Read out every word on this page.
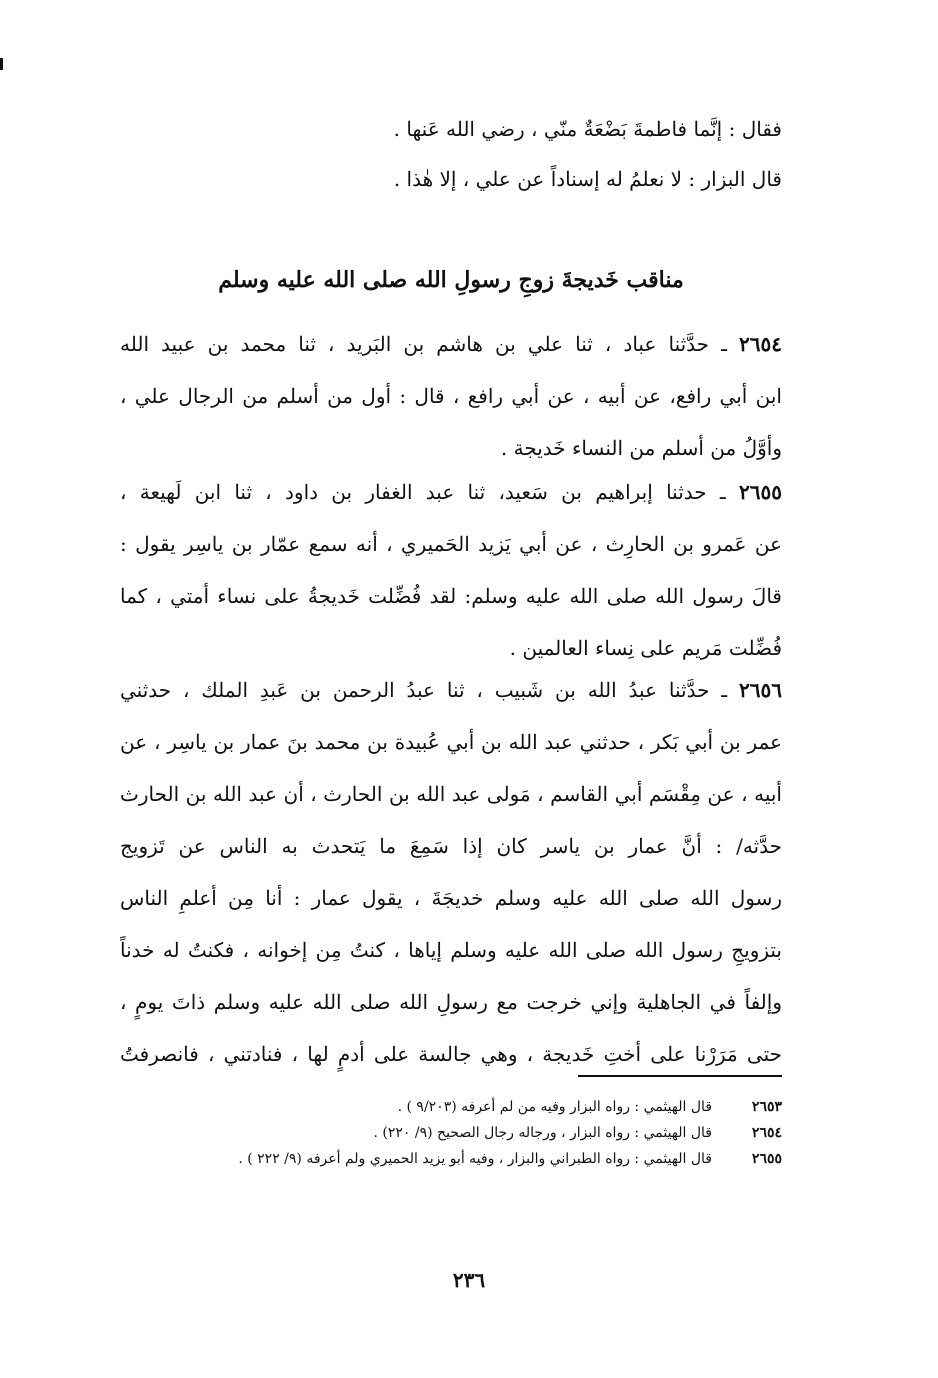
فقال : إنَّما فاطمةَ بَضْعَةٌ منّي ، رضي الله عَنها .
قال البزار : لا نعلمُ له إسناداً عن علي ، إلا هٰذا .
مناقب خَديجةَ زوجِ رسولِ الله صلى الله عليه وسلم
٢٦٥٤ ـ حدَّثنا عباد ، ثنا علي بن هاشم بن البَريد ، ثنا محمد بن عبيد الله
ابن أبي رافع، عن أبيه ، عن أبي رافع ، قال : أول من أسلم من الرجال علي ،
وأوَّلُ من أسلم من النساء خَديجة .
٢٦٥٥ ـ حدثنا إبراهيم بن سَعيد، ثنا عبد الغفار بن داود ، ثنا ابن لَهيعة ،
عن عَمرو بن الحارِث ، عن أبي يَزيد الحَميري ، أنه سمع عمّار بن ياسِر يقول :
قالَ رسول الله صلى الله عليه وسلم: لقد فُضِّلت خَديجةُ على نساء أمتي ، كما
فُضِّلت مَريم على نِساء العالمين .
٢٦٥٦ ـ حدَّثنا عبدُ الله بن شَبيب ، ثنا عبدُ الرحمن بن عَبدِ الملك ، حدثني
عمر بن أبي بَكر ، حدثني عبد الله بن أبي عُبيدة بن محمد بنَ عمار بن ياسِر ، عن
أبيه ، عن مِقْسَم أبي القاسم ، مَولى عبد الله بن الحارث ، أن عبد الله بن الحارث
حدَّثه/ : أنَّ عمار بن ياسر كان إذا سَمِعَ ما يَتحدث به الناس عن تَزويج
رسول الله صلى الله عليه وسلم خديجَةَ ، يقول عمار : أنا مِن أعلمِ الناس
بتزويجِ رسول الله صلى الله عليه وسلم إياها ، كنتُ مِن إخوانه ، فكنتُ له خدناً
وإلفاً في الجاهلية وإني خرجت مع رسولِ الله صلى الله عليه وسلم ذاتَ يومٍ ،
حتى مَرَرْنا على أختِ خَديجة ، وهي جالسة على أدمٍ لها ، فنادتني ، فانصرفتُ
٢٦٥٣
قال الهيثمي : رواه البزار وفيه من لم أعرفه (٩/٢٠٣ ) .
٢٦٥٤
قال الهيثمي : رواه البزار ، ورجاله رجال الصحيح (٩/ ٢٢٠) .
٢٦٥٥
قال الهيثمي : رواه الطبراني والبزار ، وفيه أبو يزيد الحميري ولم أعرفه (٩/ ٢٢٢ ) .
٢٣٦
